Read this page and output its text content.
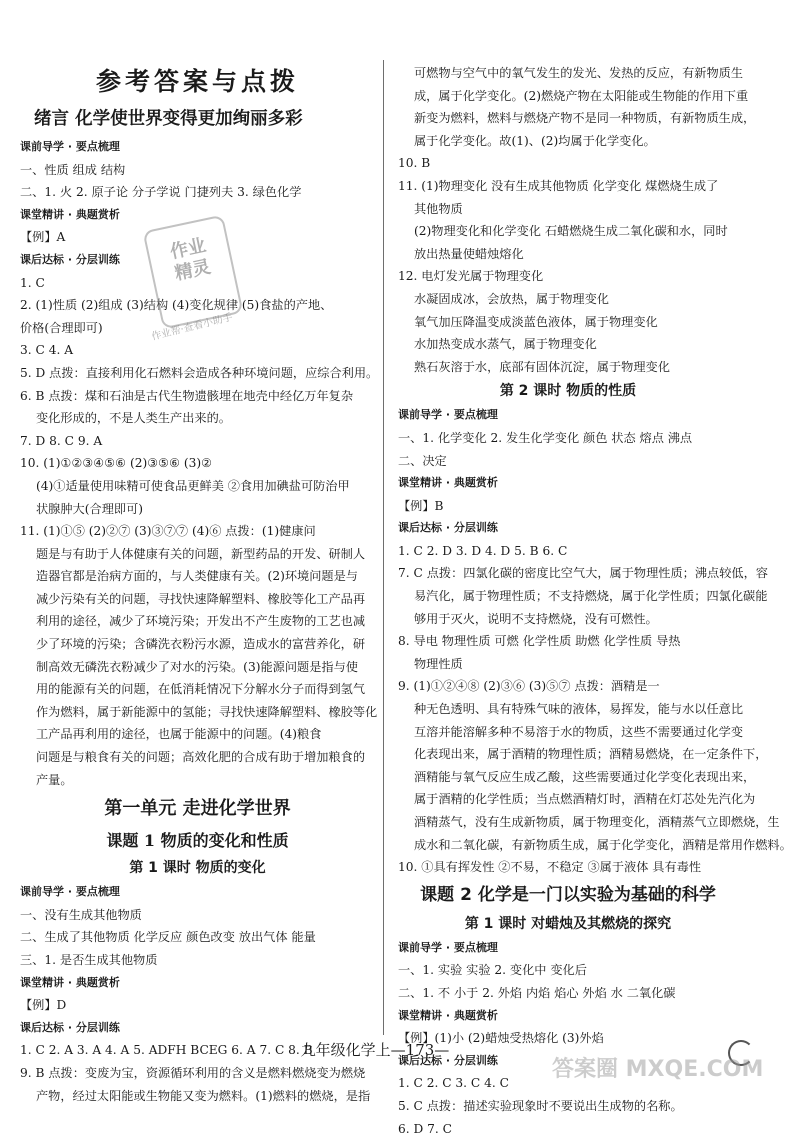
参考答案与点拨
绪言 化学使世界变得更加绚丽多彩
课前导学 · 要点梳理
一、性质 组成 结构
二、1. 火 2. 原子论 分子学说 门捷列夫 3. 绿色化学
课堂精讲 · 典题赏析
【例】A
课后达标 · 分层训练
1. C
2. (1)性质 (2)组成 (3)结构 (4)变化规律 (5)食盐的产地、
价格(合理即可)
3. C 4. A
5. D 点拨：直接利用化石燃料会造成各种环境问题，应综合利用。
6. B 点拨：煤和石油是古代生物遗骸埋在地壳中经亿万年复杂
变化形成的，不是人类生产出来的。
7. D 8. C 9. A
10. (1)①②③④⑤⑥ (2)③⑤⑥ (3)②
(4)①适量使用味精可使食品更鲜美 ②食用加碘盐可防治甲
状腺肿大(合理即可)
11. (1)①⑤ (2)②⑦ (3)③⑦⑦ (4)⑥ 点拨：(1)健康问
题是与有助于人体健康有关的问题，新型药品的开发、研制人
造器官都是治病方面的，与人类健康有关。(2)环境问题是与
减少污染有关的问题，寻找快速降解塑料、橡胶等化工产品再
利用的途径，减少了环境污染；开发出不产生废物的工艺也减
少了环境的污染；含磷洗衣粉污水源，造成水的富营养化，研
制高效无磷洗衣粉减少了对水的污染。(3)能源问题是指与使
用的能源有关的问题，在低消耗情况下分解水分子而得到氢气
作为燃料，属于新能源中的氢能；寻找快速降解塑料、橡胶等化
工产品再利用的途径，也属于能源中的问题。(4)粮食
问题是与粮食有关的问题；高效化肥的合成有助于增加粮食的
产量。
第一单元 走进化学世界
课题 1 物质的变化和性质
第 1 课时 物质的变化
课前导学 · 要点梳理
一、没有生成其他物质
二、生成了其他物质 化学反应 颜色改变 放出气体 能量
三、1. 是否生成其他物质
课堂精讲 · 典题赏析
【例】D
课后达标 · 分层训练
1. C 2. A 3. A 4. A 5. ADFH BCEG 6. A 7. C 8. B
9. B 点拨：变废为宝，资源循环利用的含义是燃料燃烧变为燃烧
产物，经过太阳能或生物能又变为燃料。(1)燃料的燃烧，是指
可燃物与空气中的氧气发生的发光、发热的反应，有新物质生
成，属于化学变化。(2)燃烧产物在太阳能或生物能的作用下重
新变为燃料，燃料与燃烧产物不是同一种物质，有新物质生成，
属于化学变化。故(1)、(2)均属于化学变化。
10. B
11. (1)物理变化 没有生成其他物质 化学变化 煤燃烧生成了
其他物质
(2)物理变化和化学变化 石蜡燃烧生成二氧化碳和水，同时
放出热量使蜡烛熔化
12. 电灯发光属于物理变化
水凝固成冰，会放热，属于物理变化
氧气加压降温变成淡蓝色液体，属于物理变化
水加热变成水蒸气，属于物理变化
熟石灰溶于水，底部有固体沉淀，属于物理变化
第 2 课时 物质的性质
课前导学 · 要点梳理
一、1. 化学变化 2. 发生化学变化 颜色 状态 熔点 沸点
二、决定
课堂精讲 · 典题赏析
【例】B
课后达标 · 分层训练
1. C 2. D 3. D 4. D 5. B 6. C
7. C 点拨：四氯化碳的密度比空气大，属于物理性质；沸点较低，容
易汽化，属于物理性质；不支持燃烧，属于化学性质；四氯化碳能
够用于灭火，说明不支持燃烧，没有可燃性。
8. 导电 物理性质 可燃 化学性质 助燃 化学性质 导热
物理性质
9. (1)①②④⑧ (2)③⑥ (3)⑤⑦ 点拨：酒精是一
种无色透明、具有特殊气味的液体，易挥发，能与水以任意比
互溶并能溶解多种不易溶于水的物质，这些不需要通过化学变
化表现出来，属于酒精的物理性质；酒精易燃烧，在一定条件下，
酒精能与氧气反应生成乙酸，这些需要通过化学变化表现出来，
属于酒精的化学性质；当点燃酒精灯时，酒精在灯芯处先汽化为
酒精蒸气，没有生成新物质，属于物理变化，酒精蒸气立即燃烧，生
成水和二氧化碳，有新物质生成，属于化学变化，酒精是常用作燃料。
10. ①具有挥发性 ②不易，不稳定 ③属于液体 具有毒性
课题 2 化学是一门以实验为基础的科学
第 1 课时 对蜡烛及其燃烧的探究
课前导学 · 要点梳理
一、1. 实验 实验 2. 变化中 变化后
二、1. 不 小于 2. 外焰 内焰 焰心 外焰 水 二氧化碳
课堂精讲 · 典题赏析
【例】(1)小 (2)蜡烛受热熔化 (3)外焰
课后达标 · 分层训练
1. C 2. C 3. C 4. C
5. C 点拨：描述实验现象时不要说出生成物的名称。
6. D 7. C
作业
精灵
作业帮·查看小助手
九年级化学上—173—
答案圈 MXQE.COM
